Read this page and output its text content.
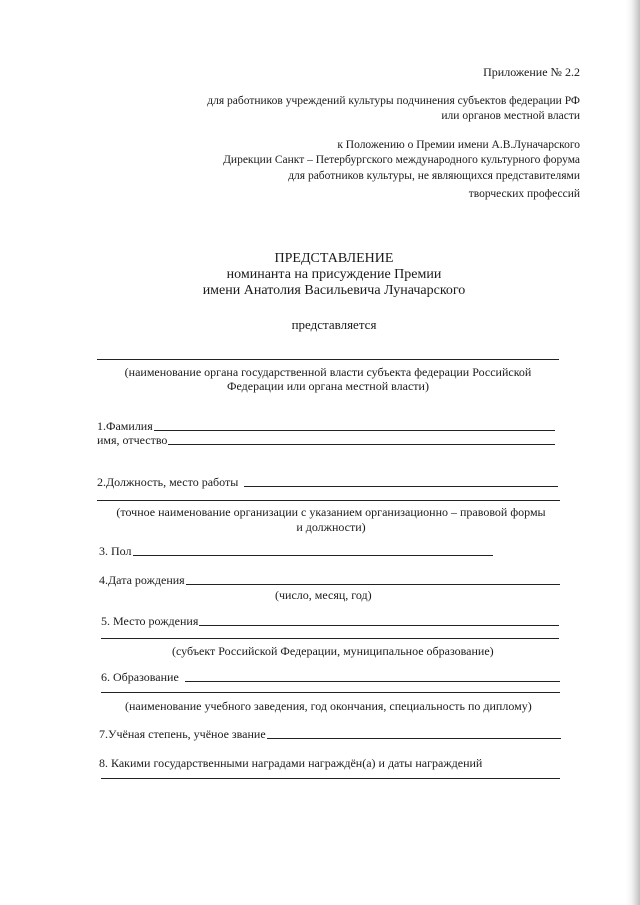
Приложение № 2.2
для работников учреждений культуры подчинения субъектов федерации РФ
или органов местной власти
к Положению о Премии имени А.В.Луначарского
Дирекции Санкт – Петербургского международного культурного форума
для работников культуры, не являющихся представителями
творческих профессий
ПРЕДСТАВЛЕНИЕ
номинанта на присуждение Премии
имени Анатолия Васильевича Луначарского
представляется
(наименование органа государственной власти субъекта федерации Российской
Федерации или органа местной власти)
1.Фамилия
имя, отчество
2.Должность, место работы
(точное наименование организации с указанием организационно – правовой формы
и должности)
3. Пол
4.Дата рождения
(число, месяц, год)
5. Место рождения
(субъект Российской Федерации, муниципальное образование)
6. Образование
(наименование учебного заведения, год окончания, специальность по диплому)
7.Учёная степень, учёное звание
8. Какими государственными наградами награждён(а) и даты награждений
